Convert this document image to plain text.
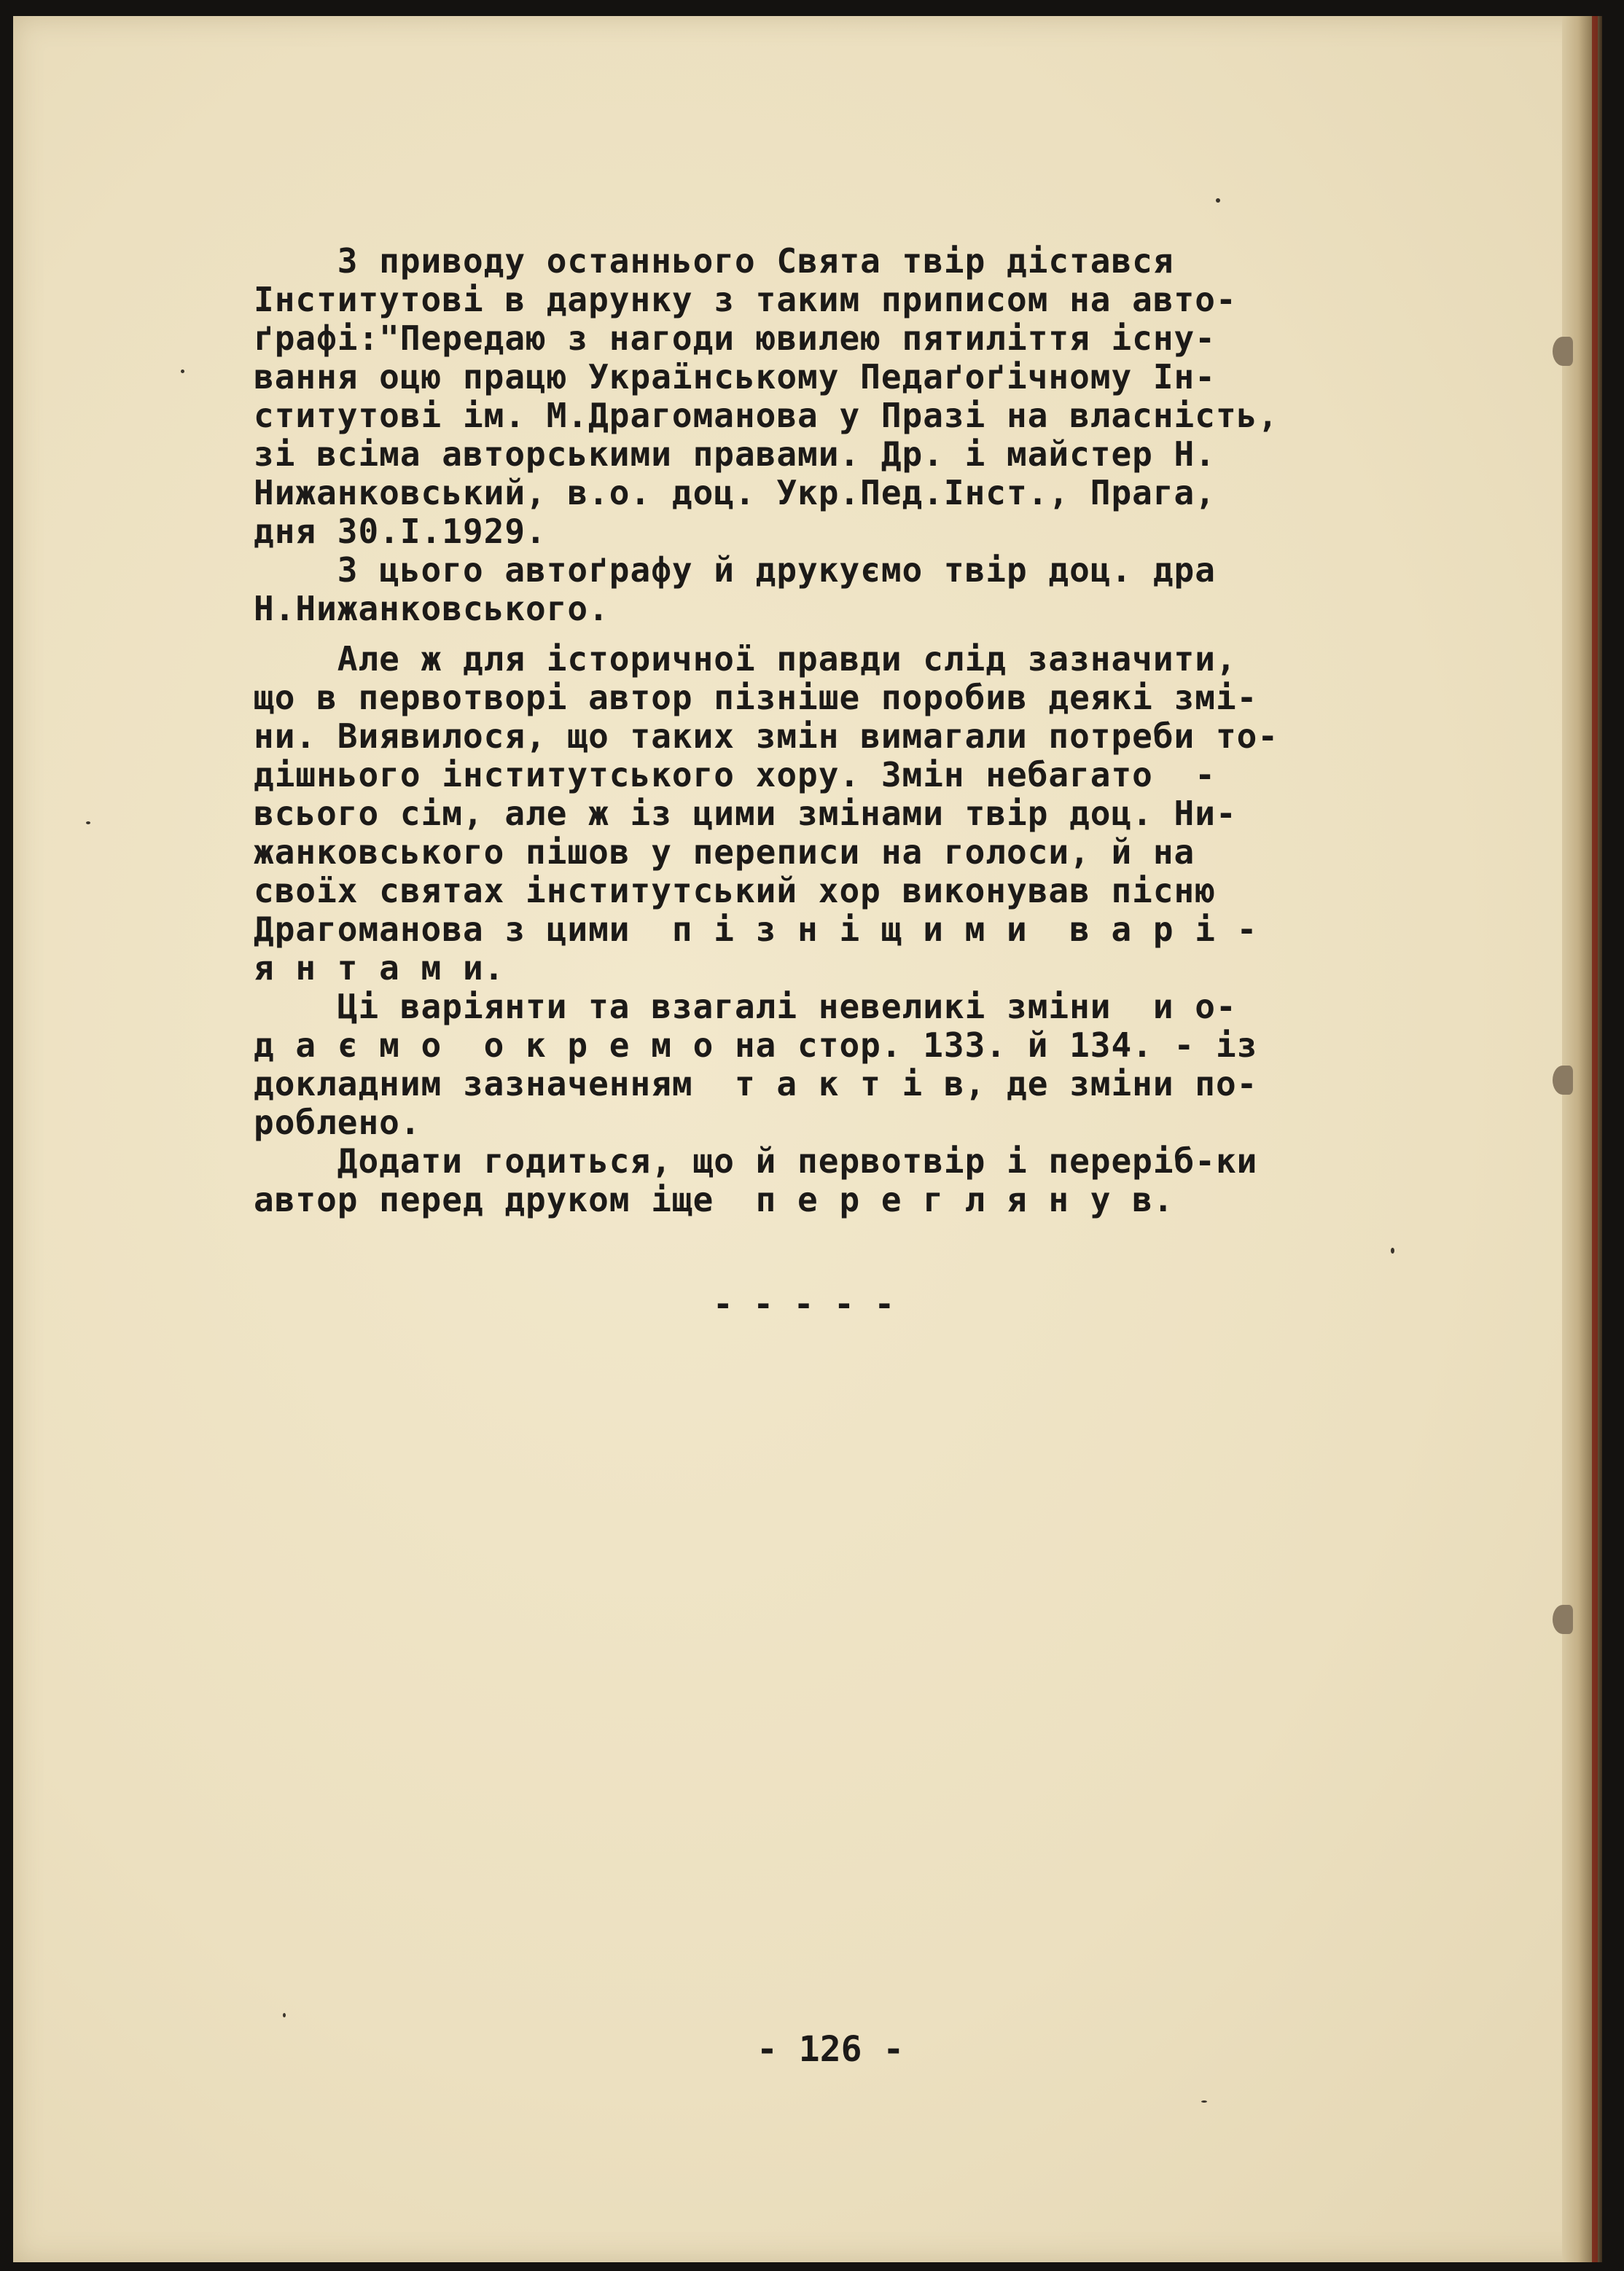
З приводу останнього Свята твір дістався
Інститутові в дарунку з таким приписом на авто-
ґрафі:"Передаю з нагоди ювилею пятиліття існу-
вання оцю працю Українському Педаґоґічному Ін-
ститутові ім. М.Драгоманова у Празі на власність,
зі всіма авторськими правами. Др. і майстер Н.
Нижанковський, в.о. доц. Укр.Пед.Інст., Прага,
дня 30.І.1929.
З цього автоґрафу й друкуємо твір доц. дра
Н.Нижанковського.
Але ж для історичної правди слід зазначити,
що в первотворі автор пізніше поробив деякі змі-
ни. Виявилося, що таких змін вимагали потреби то-
дішнього інститутського хору. Змін небагато  -
всього сім, але ж із цими змінами твір доц. Ни-
жанковського пішов у переписи на голоси, й на
своїх святах інститутський хор виконував пісню
Драгоманова з цими  п і з н і щ и м и  в а р і -
я н т а м и.
Ці варіянти та взагалі невеликі зміни  и о-
д а є м о  о к р е м о на стор. 133. й 134. - із
докладним зазначенням  т а к т і в, де зміни по-
роблено.
Додати годиться, що й первотвір і переріб-ки
автор перед друком іще  п е р е г л я н у в.
- - - - -
- 126 -
